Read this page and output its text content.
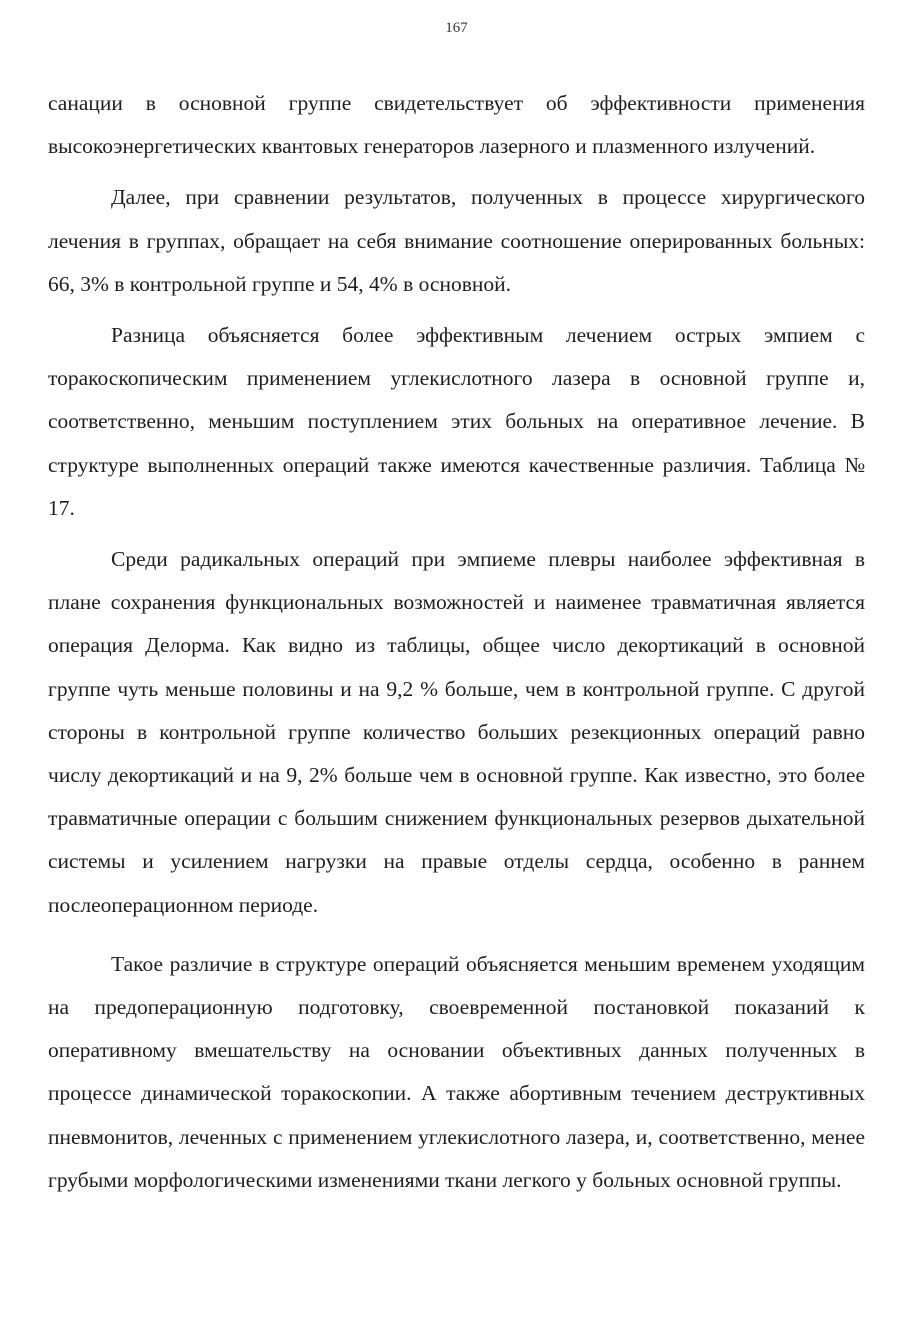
167

санации в основной группе свидетельствует об эффективности применения высокоэнергетических квантовых генераторов лазерного и плазменного излучений.

Далее, при сравнении результатов, полученных в процессе хирургического лечения в группах, обращает на себя внимание соотношение оперированных больных: 66, 3% в контрольной группе и 54, 4% в основной.

Разница объясняется более эффективным лечением острых эмпием с торакоскопическим применением углекислотного лазера в основной группе и, соответственно, меньшим поступлением этих больных на оперативное лечение. В структуре выполненных операций также имеются качественные различия. Таблица № 17.

Среди радикальных операций при эмпиеме плевры наиболее эффективная в плане сохранения функциональных возможностей и наименее травматичная является операция Делорма. Как видно из таблицы, общее число декортикаций в основной группе чуть меньше половины и на 9,2 % больше, чем в контрольной группе. С другой стороны в контрольной группе количество больших резекционных операций равно числу декортикаций и на 9, 2% больше чем в основной группе. Как известно, это более травматичные операции с большим снижением функциональных резервов дыхательной системы и усилением нагрузки на правые отделы сердца, особенно в раннем послеоперационном периоде.

Такое различие в структуре операций объясняется меньшим временем уходящим на предоперационную подготовку, своевременной постановкой показаний к оперативному вмешательству на основании объективных данных полученных в процессе динамической торакоскопии. А также абортивным течением деструктивных пневмонитов, леченных с применением углекислотного лазера, и, соответственно, менее грубыми морфологическими изменениями ткани легкого у больных основной группы.
